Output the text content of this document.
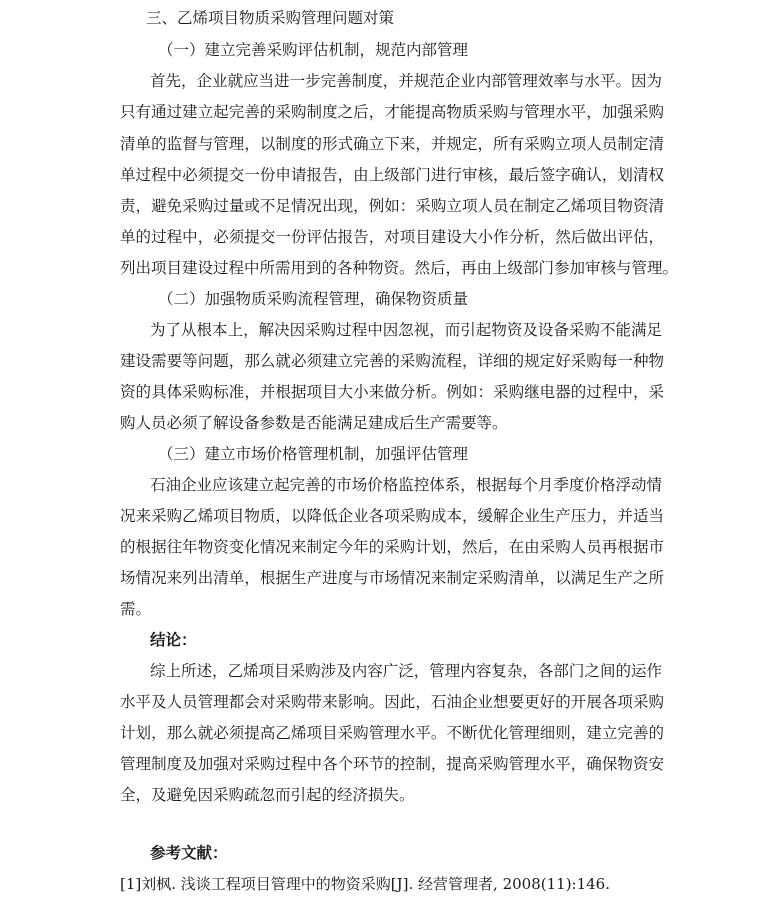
三、乙烯项目物质采购管理问题对策
（一）建立完善采购评估机制，规范内部管理
首先，企业就应当进一步完善制度，并规范企业内部管理效率与水平。因为
只有通过建立起完善的采购制度之后，才能提高物质采购与管理水平，加强采购
清单的监督与管理，以制度的形式确立下来，并规定，所有采购立项人员制定清
单过程中必须提交一份申请报告，由上级部门进行审核，最后签字确认，划清权
责，避免采购过量或不足情况出现，例如：采购立项人员在制定乙烯项目物资清
单的过程中，必须提交一份评估报告，对项目建设大小作分析，然后做出评估，
列出项目建设过程中所需用到的各种物资。然后，再由上级部门参加审核与管理。
（二）加强物质采购流程管理，确保物资质量
为了从根本上，解决因采购过程中因忽视，而引起物资及设备采购不能满足
建设需要等问题，那么就必须建立完善的采购流程，详细的规定好采购每一种物
资的具体采购标准，并根据项目大小来做分析。例如：采购继电器的过程中，采
购人员必须了解设备参数是否能满足建成后生产需要等。
（三）建立市场价格管理机制，加强评估管理
石油企业应该建立起完善的市场价格监控体系，根据每个月季度价格浮动情
况来采购乙烯项目物质，以降低企业各项采购成本，缓解企业生产压力，并适当
的根据往年物资变化情况来制定今年的采购计划，然后，在由采购人员再根据市
场情况来列出清单，根据生产进度与市场情况来制定采购清单，以满足生产之所
需。
结论：
综上所述，乙烯项目采购涉及内容广泛，管理内容复杂，各部门之间的运作
水平及人员管理都会对采购带来影响。因此，石油企业想要更好的开展各项采购
计划，那么就必须提高乙烯项目采购管理水平。不断优化管理细则，建立完善的
管理制度及加强对采购过程中各个环节的控制，提高采购管理水平，确保物资安
全，及避免因采购疏忽而引起的经济损失。
参考文献：
[1]刘枫. 浅谈工程项目管理中的物资采购[J]. 经营管理者, 2008(11):146.
